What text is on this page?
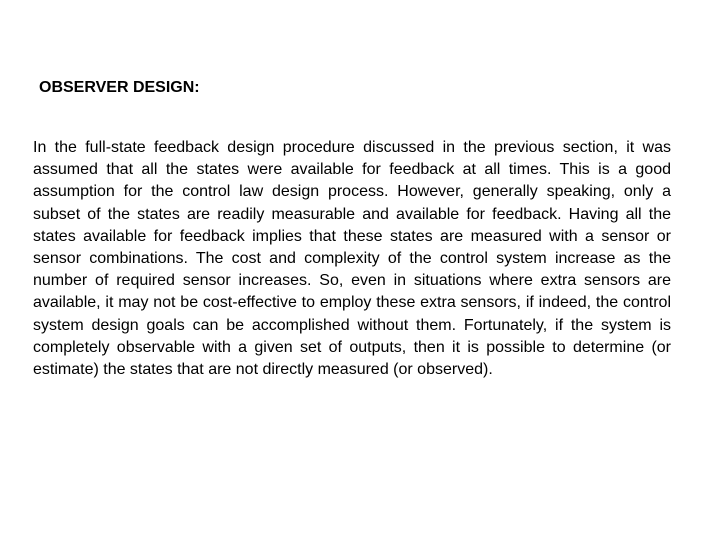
OBSERVER DESIGN:

In the full-state feedback design procedure discussed in the previous section, it was assumed that all the states were available for feedback at all times. This is a good assumption for the control law design process. However, generally speaking, only a subset of the states are readily measurable and available for feedback. Having all the states available for feedback implies that these states are measured with a sensor or sensor combinations. The cost and complexity of the control system increase as the number of required sensor increases. So, even in situations where extra sensors are available, it may not be cost-effective to employ these extra sensors, if indeed, the control system design goals can be accomplished without them. Fortunately, if the system is completely observable with a given set of outputs, then it is possible to determine (or estimate) the states that are not directly measured (or observed).
